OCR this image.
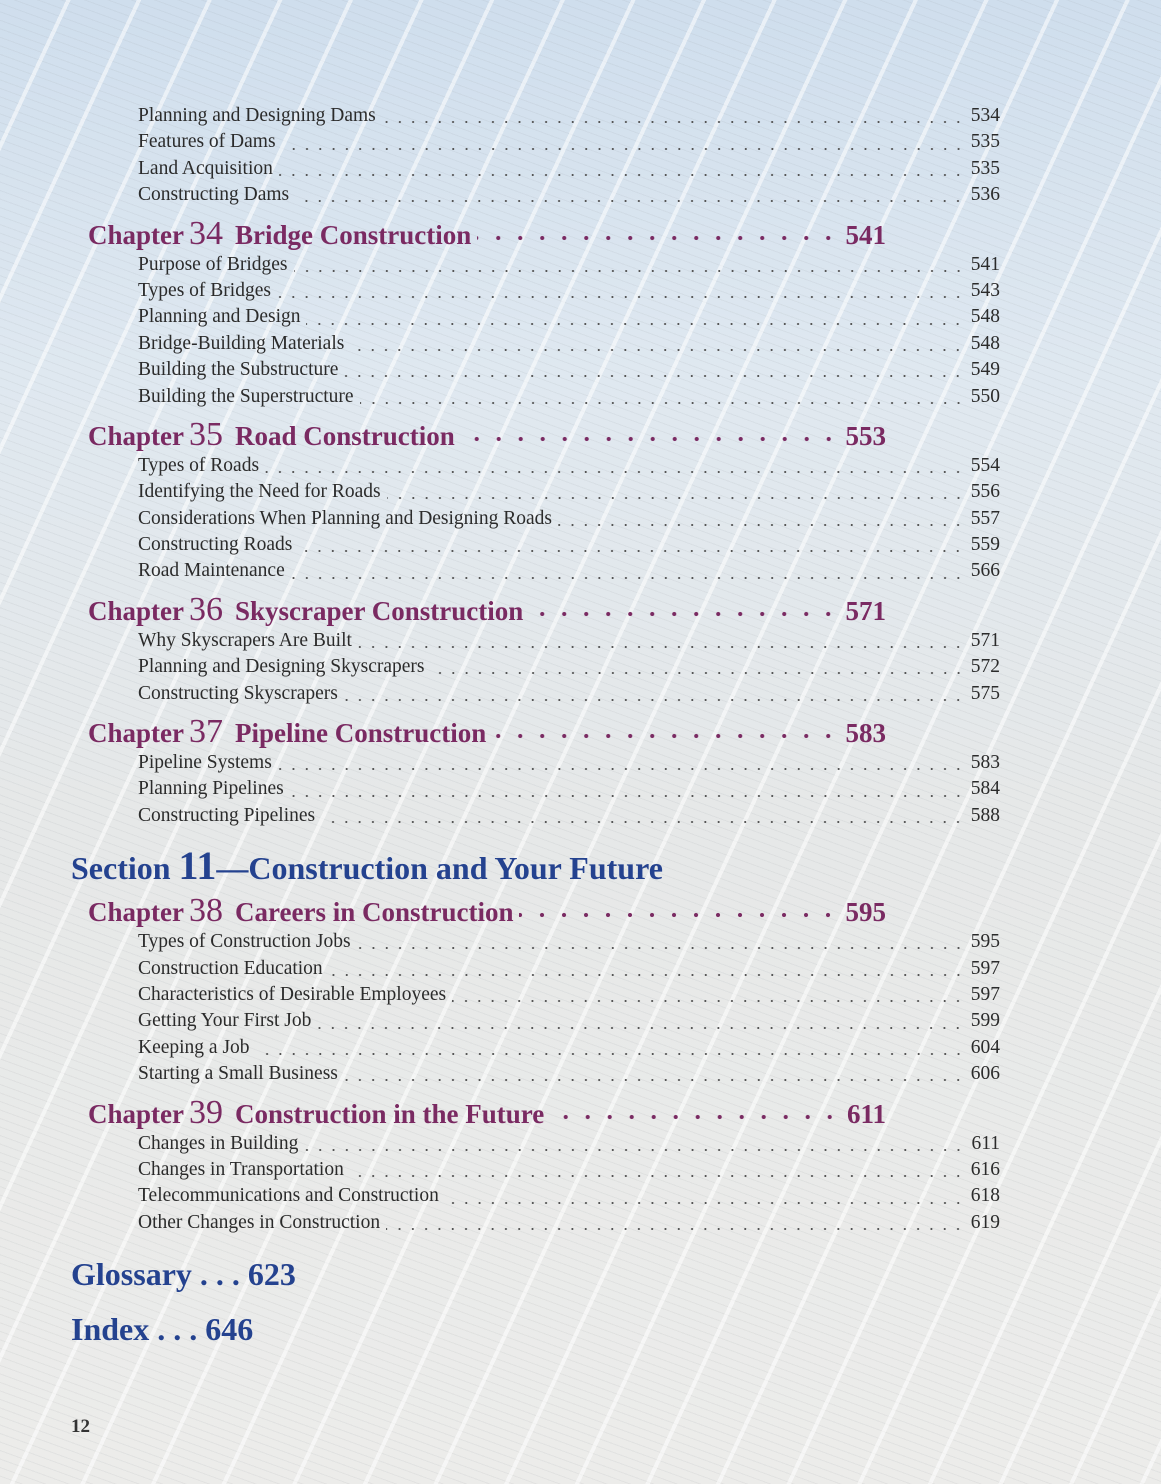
Planning and Designing Dams	534
Features of Dams	535
Land Acquisition	535
Constructing Dams	536
Chapter 34 Bridge Construction	541
Purpose of Bridges	541
Types of Bridges	543
Planning and Design	548
Bridge-Building Materials	548
Building the Substructure	549
Building the Superstructure	550
Chapter 35 Road Construction	553
Types of Roads	554
Identifying the Need for Roads	556
Considerations When Planning and Designing Roads	557
Constructing Roads	559
Road Maintenance	566
Chapter 36 Skyscraper Construction	571
Why Skyscrapers Are Built	571
Planning and Designing Skyscrapers	572
Constructing Skyscrapers	575
Chapter 37 Pipeline Construction	583
Pipeline Systems	583
Planning Pipelines	584
Constructing Pipelines	588
Section 11—Construction and Your Future
Chapter 38 Careers in Construction	595
Types of Construction Jobs	595
Construction Education	597
Characteristics of Desirable Employees	597
Getting Your First Job	599
Keeping a Job	604
Starting a Small Business	606
Chapter 39 Construction in the Future	611
Changes in Building	611
Changes in Transportation	616
Telecommunications and Construction	618
Other Changes in Construction	619
Glossary . . . 623
Index . . . 646
12
